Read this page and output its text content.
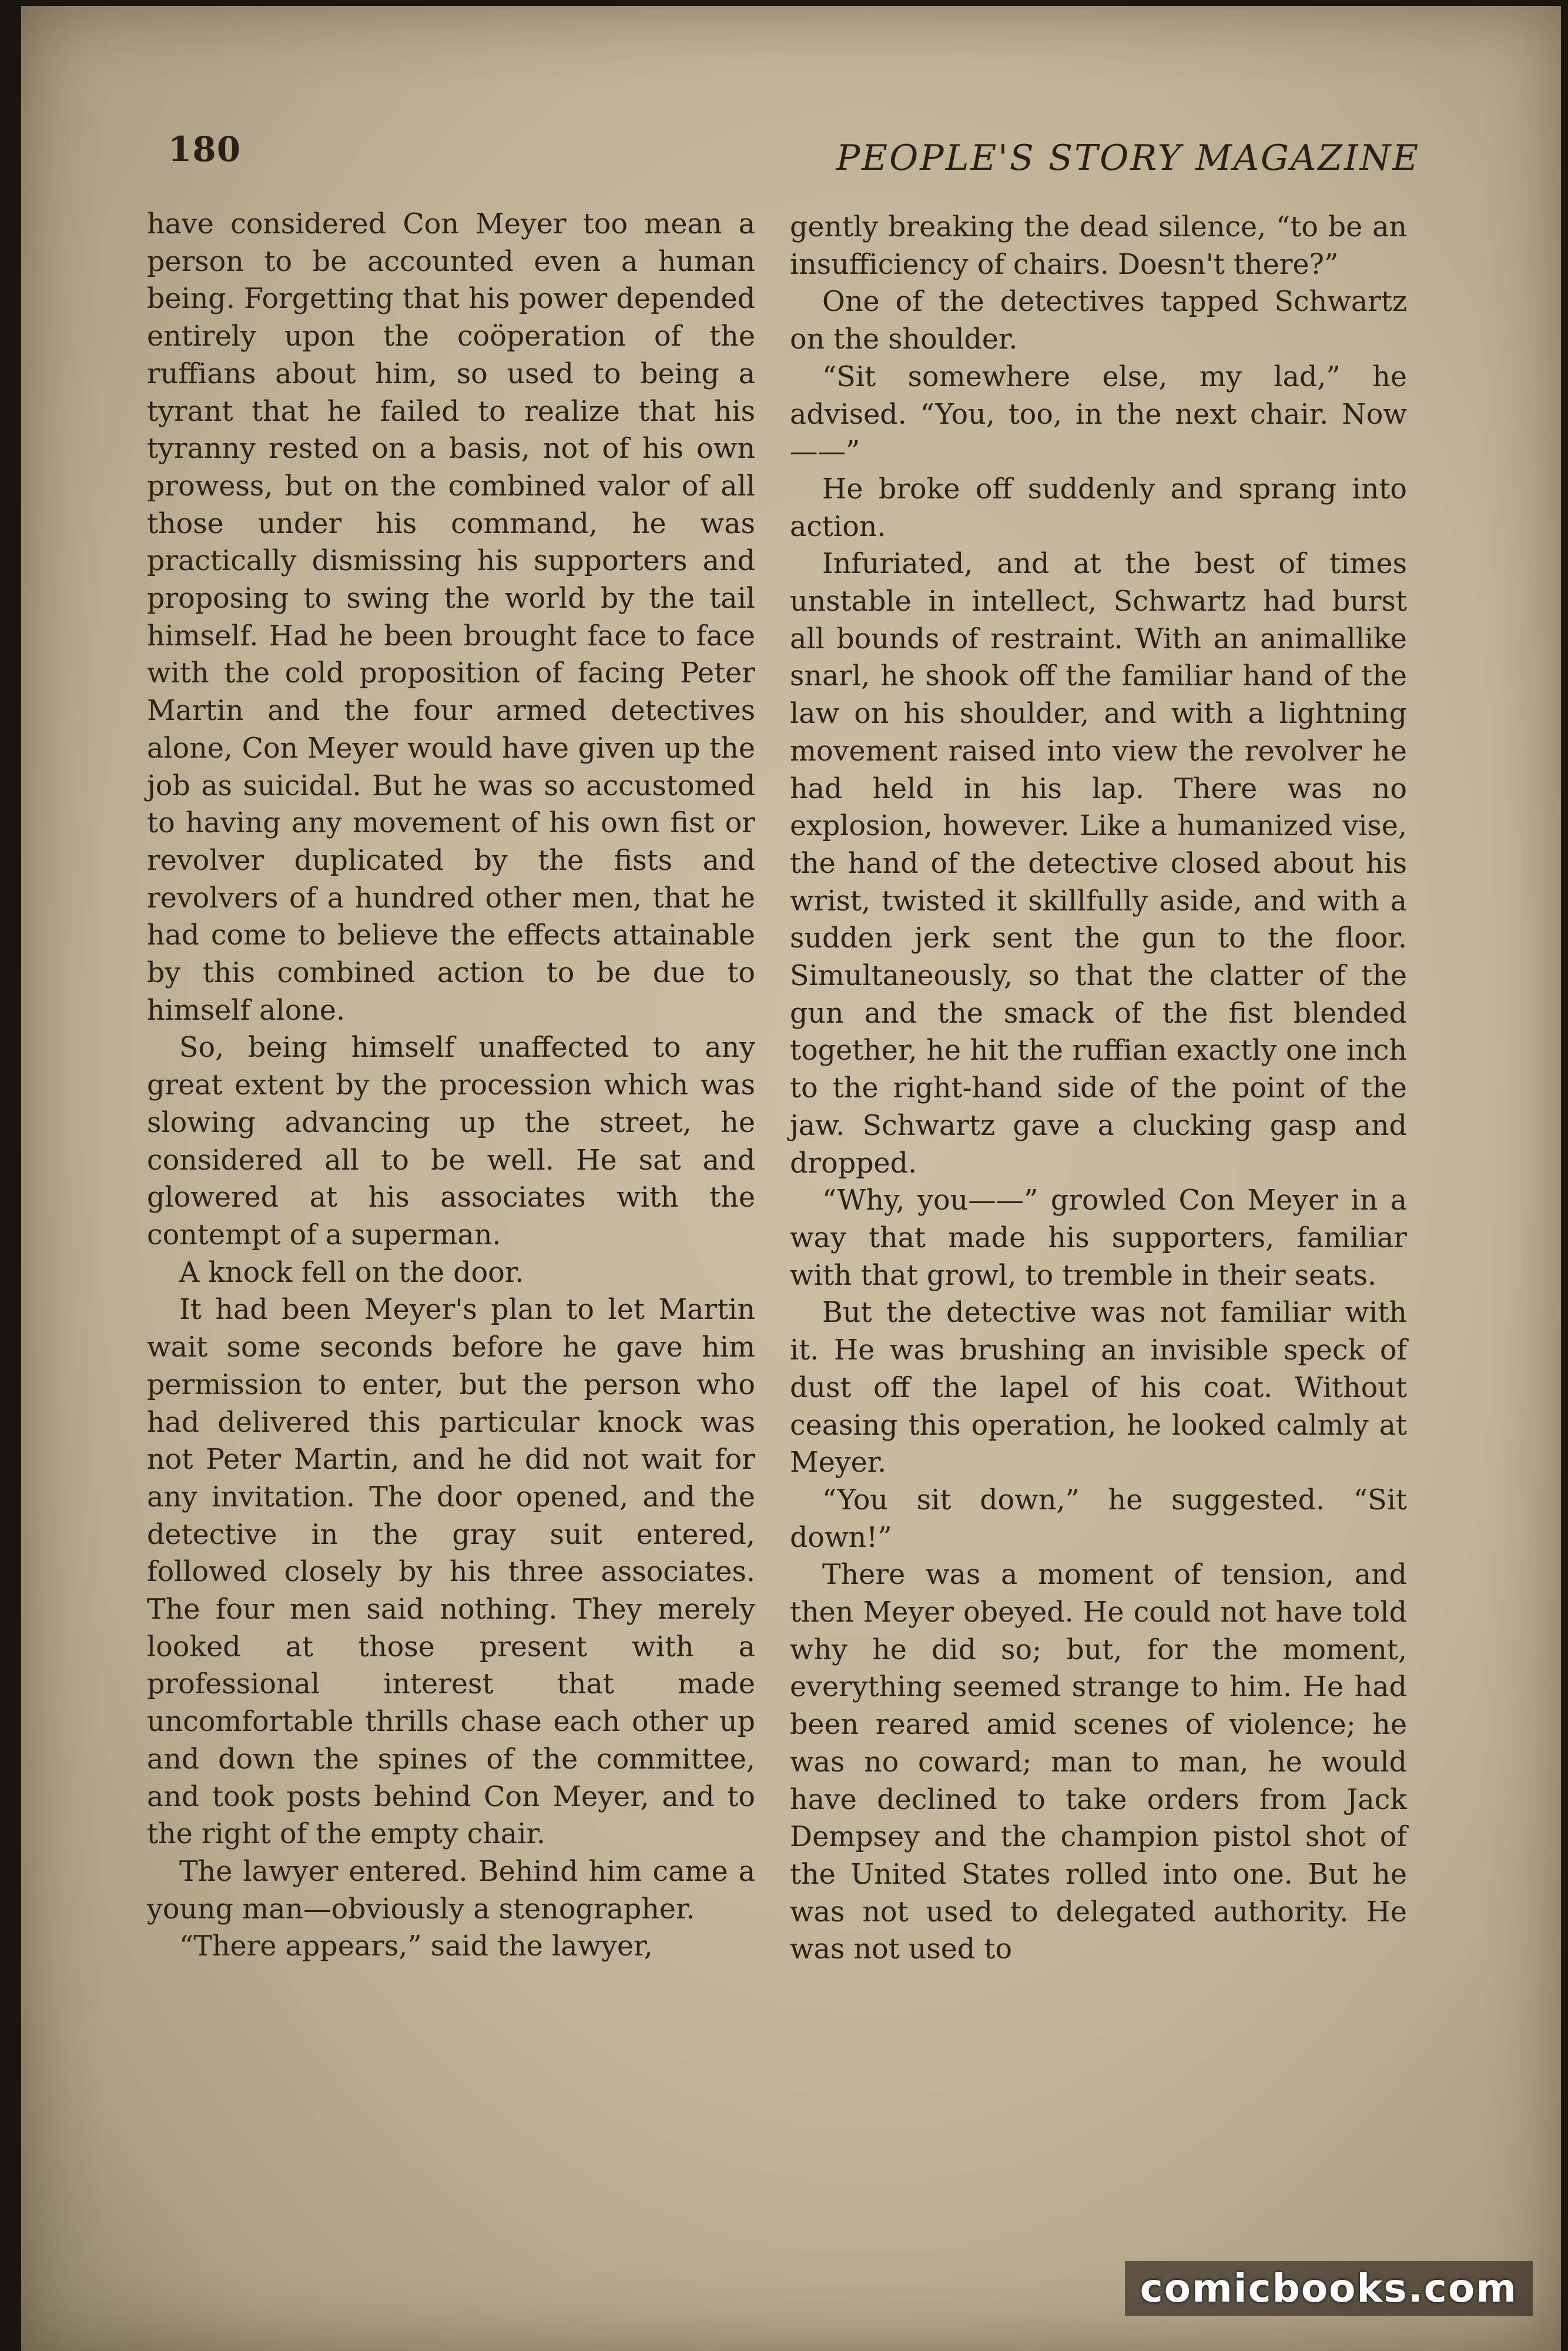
180	PEOPLE'S STORY MAGAZINE

have considered Con Meyer too mean a person to be accounted even a human being. Forgetting that his power depended entirely upon the coöperation of the ruffians about him, so used to being a tyrant that he failed to realize that his tyranny rested on a basis, not of his own prowess, but on the combined valor of all those under his command, he was practically dismissing his supporters and proposing to swing the world by the tail himself. Had he been brought face to face with the cold proposition of facing Peter Martin and the four armed detectives alone, Con Meyer would have given up the job as suicidal. But he was so accustomed to having any movement of his own fist or revolver duplicated by the fists and revolvers of a hundred other men, that he had come to believe the effects attainable by this combined action to be due to himself alone.

So, being himself unaffected to any great extent by the procession which was slowing advancing up the street, he considered all to be well. He sat and glowered at his associates with the contempt of a superman.

A knock fell on the door.

It had been Meyer's plan to let Martin wait some seconds before he gave him permission to enter, but the person who had delivered this particular knock was not Peter Martin, and he did not wait for any invitation. The door opened, and the detective in the gray suit entered, followed closely by his three associates. The four men said nothing. They merely looked at those present with a professional interest that made uncomfortable thrills chase each other up and down the spines of the committee, and took posts behind Con Meyer, and to the right of the empty chair.

The lawyer entered. Behind him came a young man—obviously a stenographer.

“There appears,” said the lawyer,

gently breaking the dead silence, “to be an insufficiency of chairs. Doesn't there?”

One of the detectives tapped Schwartz on the shoulder.

“Sit somewhere else, my lad,” he advised. “You, too, in the next chair. Now——”

He broke off suddenly and sprang into action.

Infuriated, and at the best of times unstable in intellect, Schwartz had burst all bounds of restraint. With an animallike snarl, he shook off the familiar hand of the law on his shoulder, and with a lightning movement raised into view the revolver he had held in his lap. There was no explosion, however. Like a humanized vise, the hand of the detective closed about his wrist, twisted it skillfully aside, and with a sudden jerk sent the gun to the floor. Simultaneously, so that the clatter of the gun and the smack of the fist blended together, he hit the ruffian exactly one inch to the right-hand side of the point of the jaw. Schwartz gave a clucking gasp and dropped.

“Why, you——” growled Con Meyer in a way that made his supporters, familiar with that growl, to tremble in their seats.

But the detective was not familiar with it. He was brushing an invisible speck of dust off the lapel of his coat. Without ceasing this operation, he looked calmly at Meyer.

“You sit down,” he suggested. “Sit down!”

There was a moment of tension, and then Meyer obeyed. He could not have told why he did so; but, for the moment, everything seemed strange to him. He had been reared amid scenes of violence; he was no coward; man to man, he would have declined to take orders from Jack Dempsey and the champion pistol shot of the United States rolled into one. But he was not used to delegated authority. He was not used to

comicbooks.com
